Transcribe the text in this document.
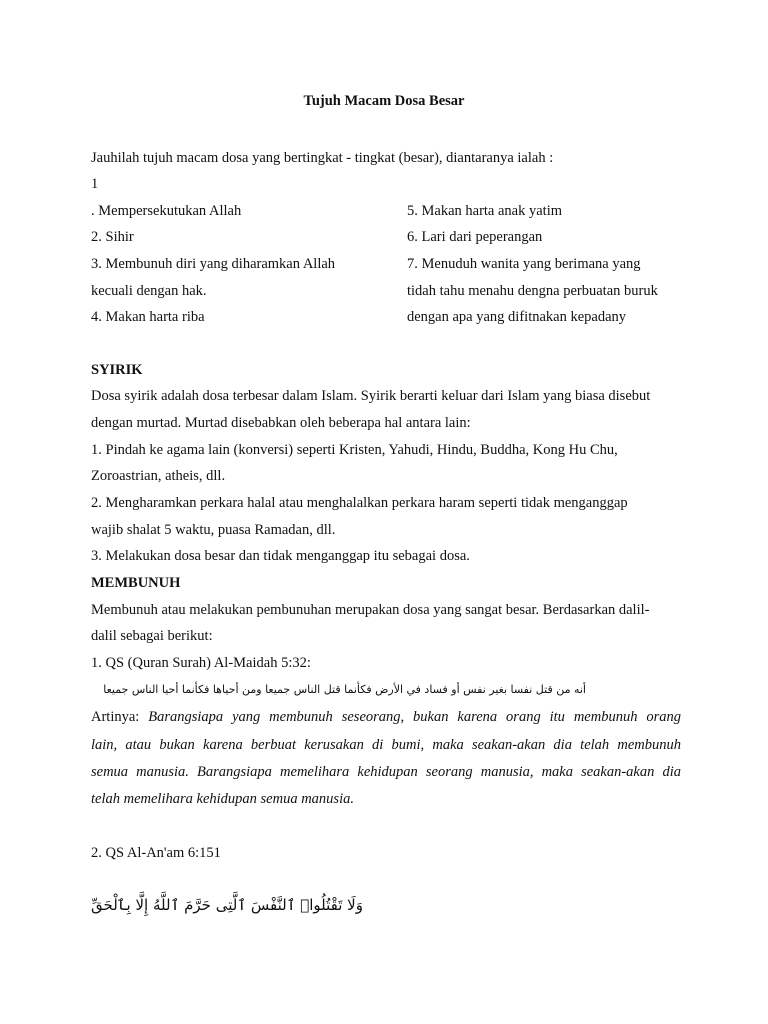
Tujuh Macam Dosa Besar
Jauhilah tujuh macam dosa yang bertingkat - tingkat (besar), diantaranya ialah :
1
. Mempersekutukan Allah
2. Sihir
3. Membunuh diri yang diharamkan Allah
kecuali dengan hak.
4. Makan harta riba
5. Makan harta anak yatim
6. Lari dari peperangan
7. Menuduh wanita yang berimana yang
tidah tahu menahu dengna perbuatan buruk
dengan apa yang difitnakan kepadany
SYIRIK
Dosa syirik adalah dosa terbesar dalam Islam. Syirik berarti keluar dari Islam yang biasa disebut
dengan murtad. Murtad disebabkan oleh beberapa hal antara lain:
1. Pindah ke agama lain (konversi) seperti Kristen, Yahudi, Hindu, Buddha, Kong Hu Chu,
Zoroastrian, atheis, dll.
2. Mengharamkan perkara halal atau menghalalkan perkara haram seperti tidak menganggap
wajib shalat 5 waktu, puasa Ramadan, dll.
3. Melakukan dosa besar dan tidak menganggap itu sebagai dosa.
MEMBUNUH
Membunuh atau melakukan pembunuhan merupakan dosa yang sangat besar. Berdasarkan dalil-
dalil sebagai berikut:
1. QS (Quran Surah) Al-Maidah 5:32:
أنه من قتل نفسا بغير نفس أو فساد في الأرض فكأنما قتل الناس جميعا ومن أحياها فكأنما أحيا الناس جميعا
Artinya: Barangsiapa yang membunuh seseorang, bukan karena orang itu membunuh orang
lain, atau bukan karena berbuat kerusakan di bumi, maka seakan-akan dia telah membunuh
semua manusia. Barangsiapa memelihara kehidupan seorang manusia, maka seakan-akan dia
telah memelihara kehidupan semua manusia.
2. QS Al-An'am 6:151
وَلَا تَقْتُلُوا۟ ٱلنَّفْسَ ٱلَّتِى حَرَّمَ ٱللَّهُ إِلَّا بِٱلْحَقِّ
